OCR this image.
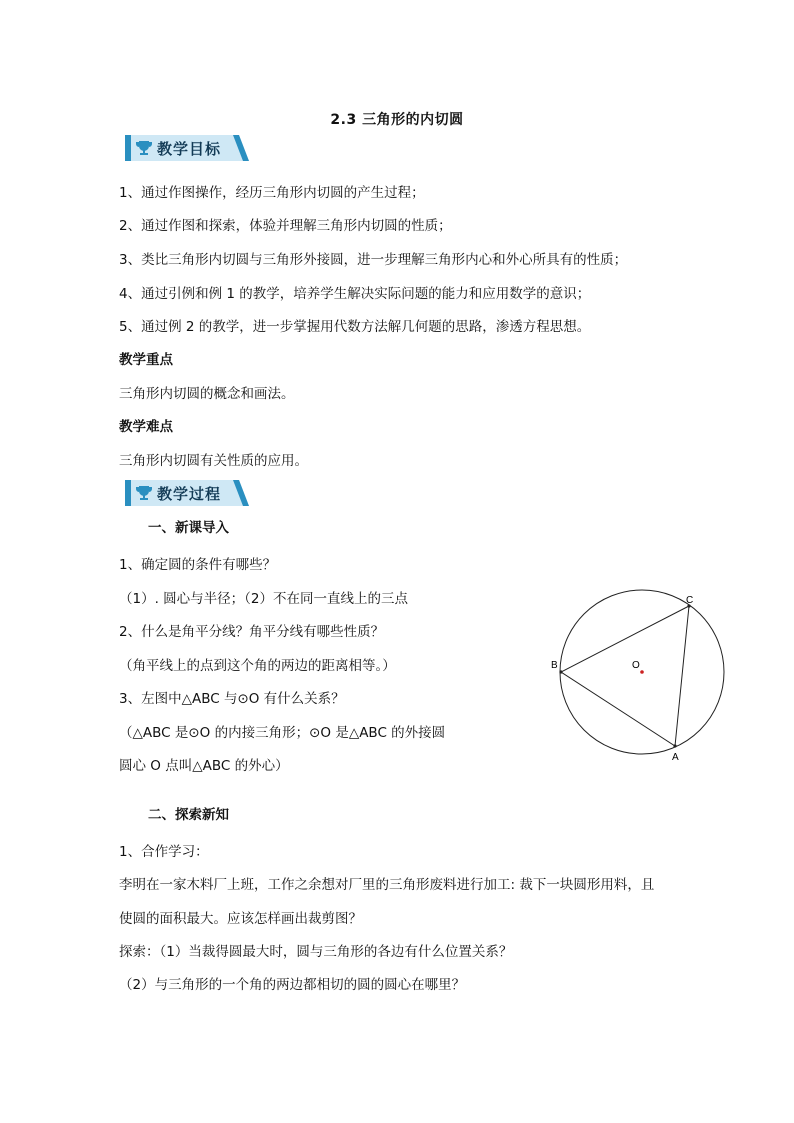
2.3 三角形的内切圆
教学目标
1、通过作图操作，经历三角形内切圆的产生过程；
2、通过作图和探索，体验并理解三角形内切圆的性质；
3、类比三角形内切圆与三角形外接圆，进一步理解三角形内心和外心所具有的性质；
4、通过引例和例 1 的教学，培养学生解决实际问题的能力和应用数学的意识；
5、通过例 2 的教学，进一步掌握用代数方法解几何题的思路，渗透方程思想。
教学重点
三角形内切圆的概念和画法。
教学难点
三角形内切圆有关性质的应用。
教学过程
一、新课导入
1、确定圆的条件有哪些？
（1）. 圆心与半径；（2）不在同一直线上的三点
2、什么是角平分线？角平分线有哪些性质？
（角平线上的点到这个角的两边的距离相等。）
3、左图中△ABC 与⊙O 有什么关系？
（△ABC 是⊙O 的内接三角形；⊙O 是△ABC 的外接圆
圆心 O 点叫△ABC 的外心）
C
B
A
O
二、探索新知
1、合作学习：
李明在一家木料厂上班，工作之余想对厂里的三角形废料进行加工: 裁下一块圆形用料，且
使圆的面积最大。应该怎样画出裁剪图？
探索：（1）当裁得圆最大时，圆与三角形的各边有什么位置关系？
（2）与三角形的一个角的两边都相切的圆的圆心在哪里？
